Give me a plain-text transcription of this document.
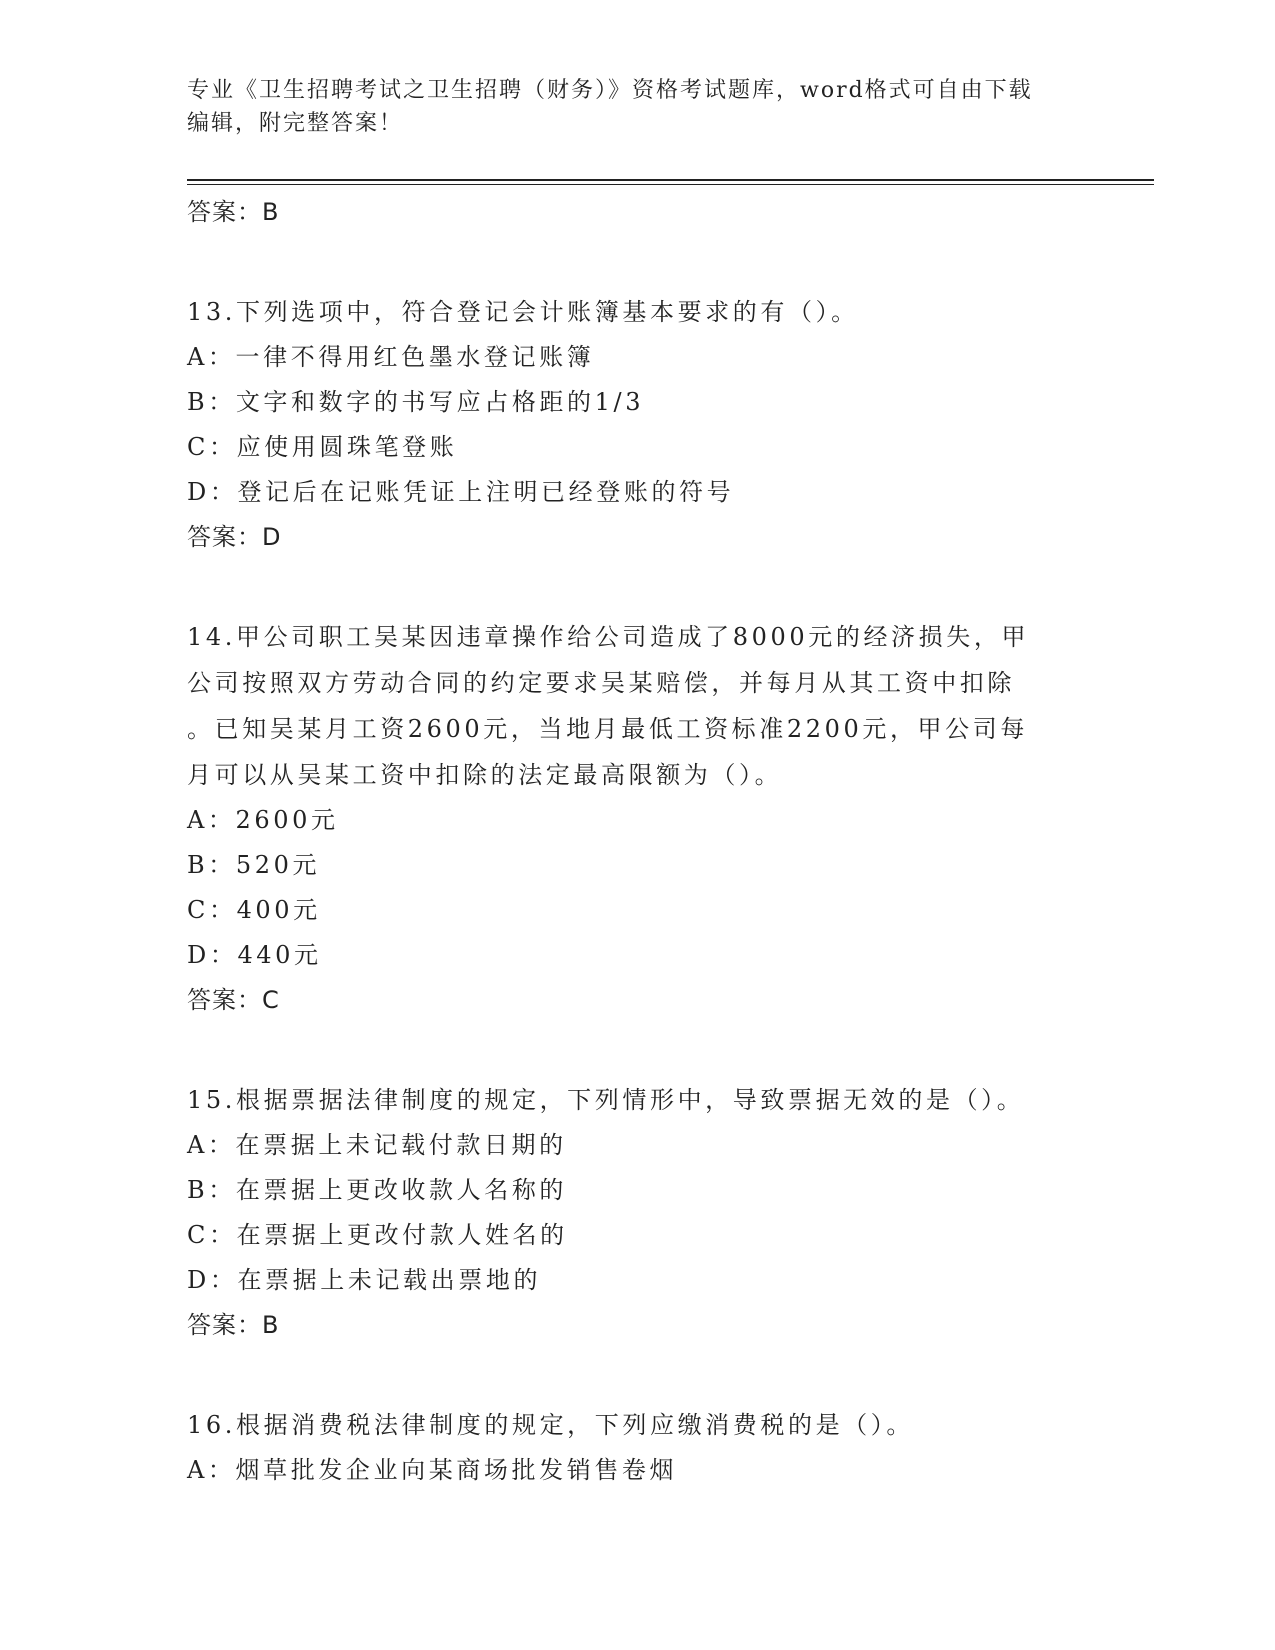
专业《卫生招聘考试之卫生招聘（财务）》资格考试题库，word格式可自由下载
编辑，附完整答案！
答案：B
13.下列选项中，符合登记会计账簿基本要求的有（）。
A：一律不得用红色墨水登记账簿
B：文字和数字的书写应占格距的1/3
C：应使用圆珠笔登账
D：登记后在记账凭证上注明已经登账的符号
答案：D
14.甲公司职工吴某因违章操作给公司造成了8000元的经济损失，甲
公司按照双方劳动合同的约定要求吴某赔偿，并每月从其工资中扣除
。已知吴某月工资2600元，当地月最低工资标准2200元，甲公司每
月可以从吴某工资中扣除的法定最高限额为（）。
A：2600元
B：520元
C：400元
D：440元
答案：C
15.根据票据法律制度的规定，下列情形中，导致票据无效的是（）。
A：在票据上未记载付款日期的
B：在票据上更改收款人名称的
C：在票据上更改付款人姓名的
D：在票据上未记载出票地的
答案：B
16.根据消费税法律制度的规定，下列应缴消费税的是（）。
A：烟草批发企业向某商场批发销售卷烟
